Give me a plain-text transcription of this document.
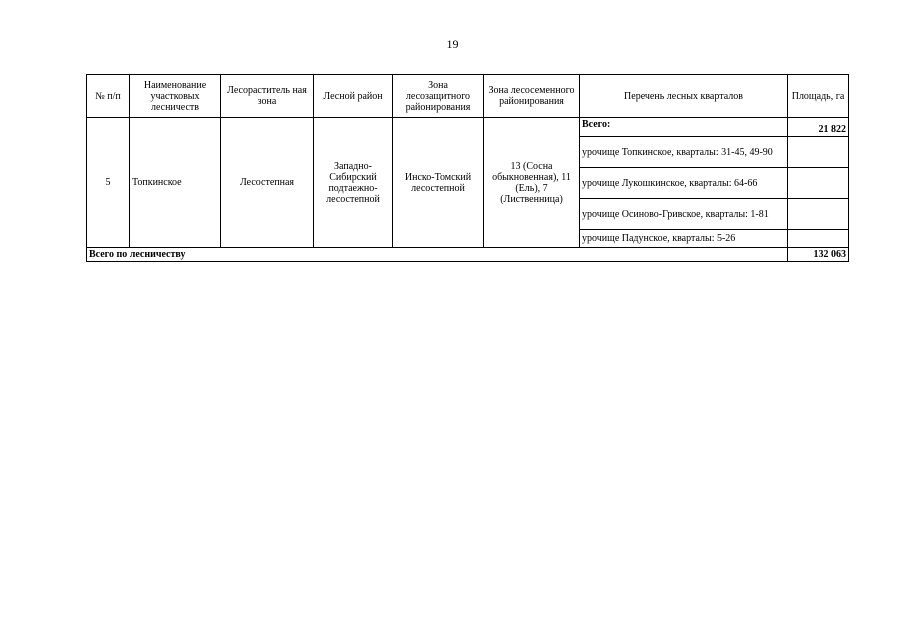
19
№ п/п	Наименование участковых лесничеств	Лесораститель ная зона	Лесной район	Зона лесозащитного районирования	Зона лесосеменного районирования	Перечень лесных кварталов	Площадь, га
5	Топкинское	Лесостепная	Западно-Сибирский подтаежно-лесостепной	Инско-Томский лесостепной	13 (Сосна обыкновенная), 11 (Ель), 7 (Лиственница)	Всего:	21 822
						урочище Топкинское, кварталы: 31-45, 49-90	
						урочище Лукошкинское, кварталы: 64-66	
						урочище Осиново-Гривское, кварталы: 1-81	
						урочище Падунское, кварталы: 5-26	
Всего по лесничеству							132 063
